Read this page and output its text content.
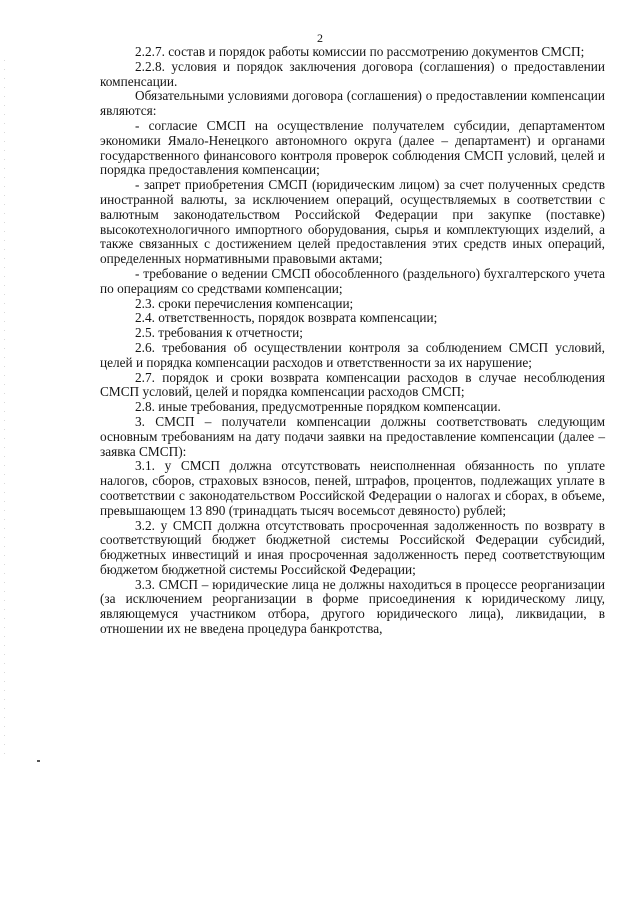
2

2.2.7. состав и порядок работы комиссии по рассмотрению документов СМСП;

2.2.8. условия и порядок заключения договора (соглашения) о предоставлении компенсации.

Обязательными условиями договора (соглашения) о предоставлении компенсации являются:

- согласие СМСП на осуществление получателем субсидии, департаментом экономики Ямало-Ненецкого автономного округа (далее – департамент) и органами государственного финансового контроля проверок соблюдения СМСП условий, целей и порядка предоставления компенсации;

- запрет приобретения СМСП (юридическим лицом) за счет полученных средств иностранной валюты, за исключением операций, осуществляемых в соответствии с валютным законодательством Российской Федерации при закупке (поставке) высокотехнологичного импортного оборудования, сырья и комплектующих изделий, а также связанных с достижением целей предоставления этих средств иных операций, определенных нормативными правовыми актами;

- требование о ведении СМСП обособленного (раздельного) бухгалтерского учета по операциям со средствами компенсации;

2.3. сроки перечисления компенсации;

2.4. ответственность, порядок возврата компенсации;

2.5. требования к отчетности;

2.6. требования об осуществлении контроля за соблюдением СМСП условий, целей и порядка компенсации расходов и ответственности за их нарушение;

2.7. порядок и сроки возврата компенсации расходов в случае несоблюдения СМСП условий, целей и порядка компенсации расходов СМСП;

2.8. иные требования, предусмотренные порядком компенсации.

3. СМСП – получатели компенсации должны соответствовать следующим основным требованиям на дату подачи заявки на предоставление компенсации (далее – заявка СМСП):

3.1. у СМСП должна отсутствовать неисполненная обязанность по уплате налогов, сборов, страховых взносов, пеней, штрафов, процентов, подлежащих уплате в соответствии с законодательством Российской Федерации о налогах и сборах, в объеме, превышающем 13 890 (тринадцать тысяч восемьсот девяносто) рублей;

3.2. у СМСП должна отсутствовать просроченная задолженность по возврату в соответствующий бюджет бюджетной системы Российской Федерации субсидий, бюджетных инвестиций и иная просроченная задолженность перед соответствующим бюджетом бюджетной системы Российской Федерации;

3.3. СМСП – юридические лица не должны находиться в процессе реорганизации (за исключением реорганизации в форме присоединения к юридическому лицу, являющемуся участником отбора, другого юридического лица), ликвидации, в отношении их не введена процедура банкротства,
